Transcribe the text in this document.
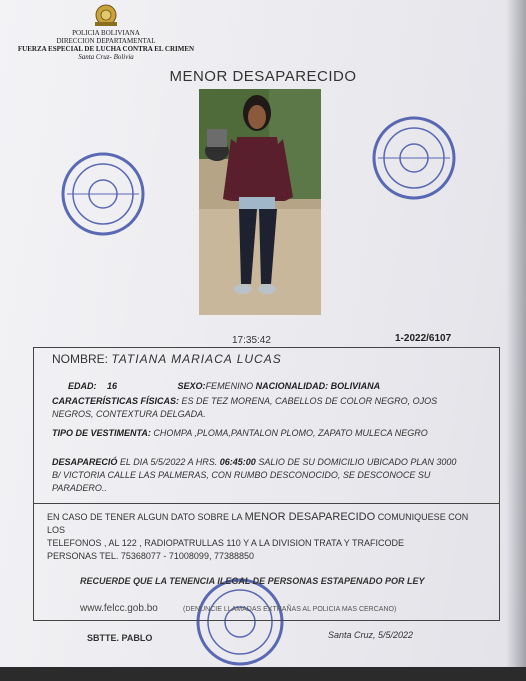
POLICIA BOLIVIANA
DIRECCION DEPARTAMENTAL
FUERZA ESPECIAL DE LUCHA CONTRA EL CRIMEN
Santa Cruz- Bolivia
MENOR DESAPARECIDO
17:35:42	1-2022/6107
NOMBRE: TATIANA MARIACA LUCAS
EDAD: 16	SEXO:FEMENINO NACIONALIDAD: BOLIVIANA
CARACTERÍSTICAS FÍSICAS: ES DE TEZ MORENA, CABELLOS DE COLOR NEGRO, OJOS
NEGROS, CONTEXTURA DELGADA.
TIPO DE VESTIMENTA: CHOMPA ,PLOMA,PANTALON PLOMO, ZAPATO MULECA NEGRO
DESAPARECIÓ EL DIA 5/5/2022 A HRS. 06:45:00 SALIO DE SU DOMICILIO UBICADO PLAN 3000
B/ VICTORIA CALLE LAS PALMERAS, CON RUMBO DESCONOCIDO, SE DESCONOCE SU
PARADERO..
EN CASO DE TENER ALGUN DATO SOBRE LA MENOR DESAPARECIDO COMUNIQUESE CON
LOS
TELEFONOS , AL 122 , RADIOPATRULLAS 110 Y A LA DIVISION TRATA Y TRAFICODE
PERSONAS TEL. 75368077 - 71008099, 77388850
RECUERDE QUE LA TENENCIA ILEGAL DE PERSONAS ESTAPENADO POR LEY
www.felcc.gob.bo	(DENUNCIE LLAMADAS EXTRAÑAS AL POLICIA MAS CERCANO)
SBTTE. PABLO	Santa Cruz, 5/5/2022
